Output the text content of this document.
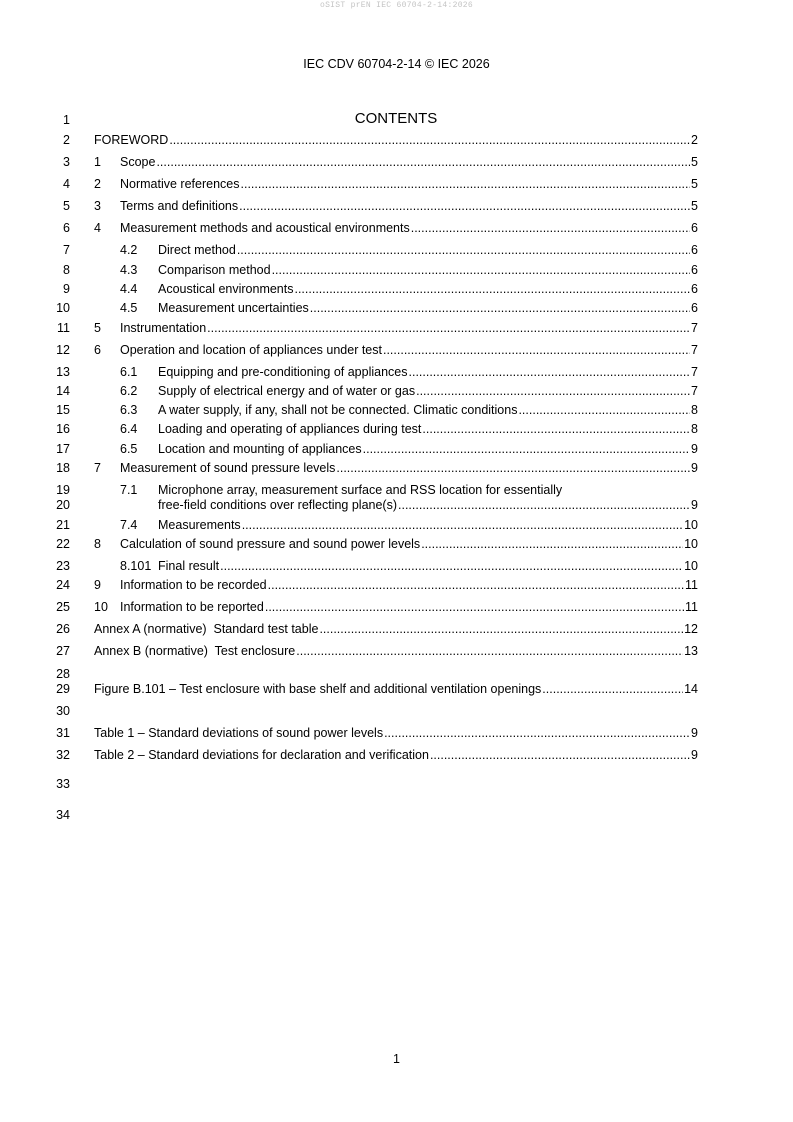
oSIST prEN IEC 60704-2-14:2026
IEC CDV 60704-2-14 © IEC 2026
1	CONTENTS
2 FOREWORD .....	2
3 1	Scope .....	5
4 2	Normative references .....	5
5 3	Terms and definitions .....	5
6 4	Measurement methods and acoustical environments .....	6
7	4.2	Direct method .....	6
8	4.3	Comparison method .....	6
9	4.4	Acoustical environments .....	6
10	4.5	Measurement uncertainties .....	6
11 5	Instrumentation .....	7
12 6	Operation and location of appliances under test .....	7
13	6.1	Equipping and pre-conditioning of appliances .....	7
14	6.2	Supply of electrical energy and of water or gas .....	7
15	6.3	A water supply, if any, shall not be connected. Climatic conditions .....	8
16	6.4	Loading and operating of appliances during test .....	8
17	6.5	Location and mounting of appliances .....	9
18 7	Measurement of sound pressure levels .....	9
19	7.1 Microphone array, measurement surface and RSS location for essentially
20	free-field conditions over reflecting plane(s) .....	9
21	7.4	Measurements .....	10
22 8	Calculation of sound pressure and sound power levels .....	10
23	8.101 Final result .....	10
24 9	Information to be recorded .....	11
25 10 Information to be reported .....	11
26 Annex A (normative)  Standard test table .....	12
27 Annex B (normative)  Test enclosure .....	13
28
29 Figure B.101 – Test enclosure with base shelf and additional ventilation openings .....	14
30
31 Table 1 – Standard deviations of sound power levels .....	9
32 Table 2 – Standard deviations for declaration and verification .....	9
33
34
1
